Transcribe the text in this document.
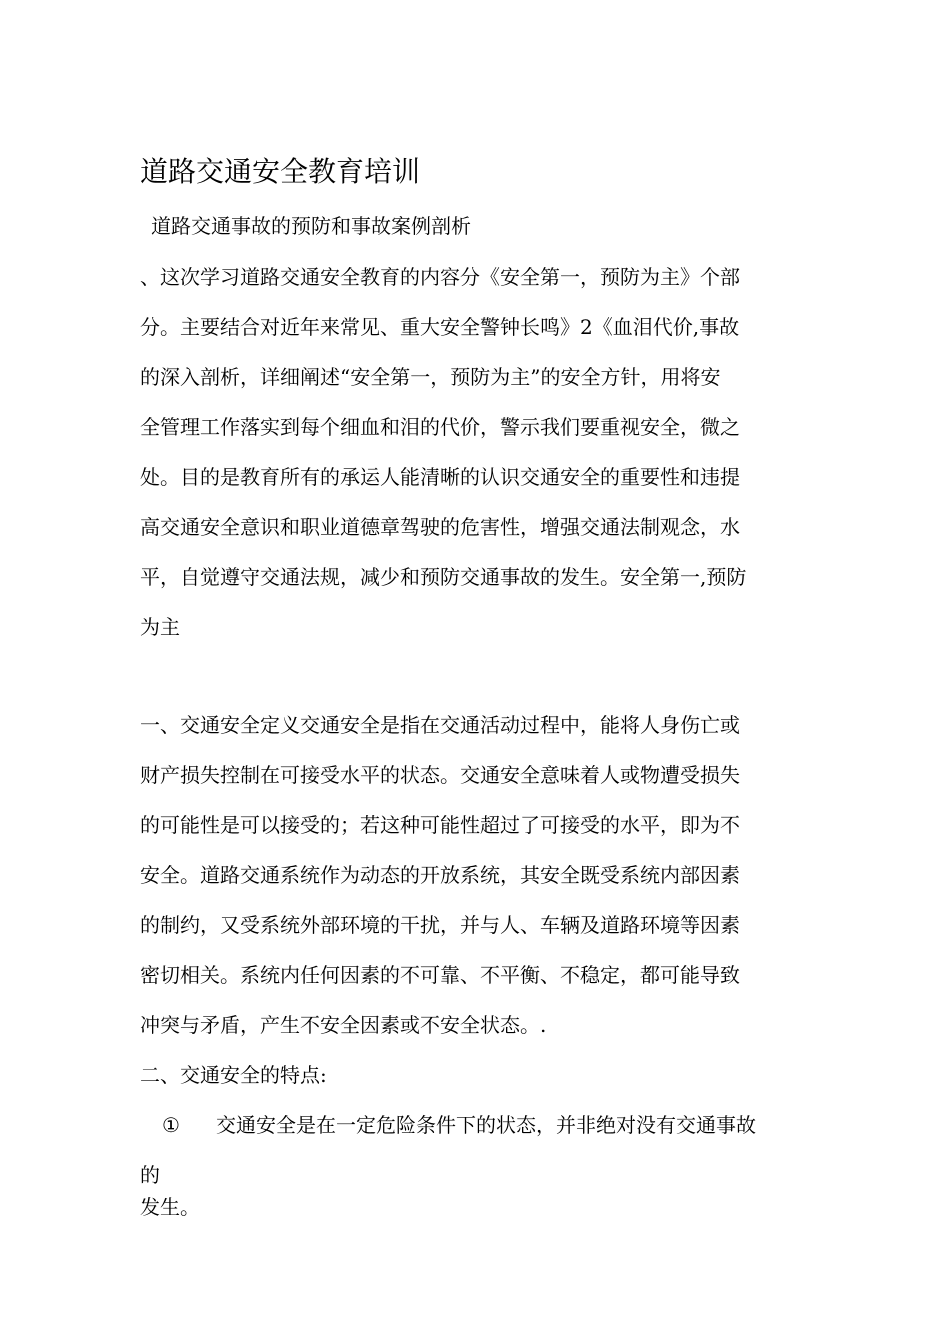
道路交通安全教育培训
道路交通事故的预防和事故案例剖析
、这次学习道路交通安全教育的内容分《安全第一，预防为主》个部
分。主要结合对近年来常见、重大安全警钟长鸣》2《血泪代价,事故
的深入剖析，详细阐述“安全第一，预防为主”的安全方针，用将安
全管理工作落实到每个细血和泪的代价，警示我们要重视安全，微之
处。目的是教育所有的承运人能清晰的认识交通安全的重要性和违提
高交通安全意识和职业道德章驾驶的危害性，增强交通法制观念，水
平，自觉遵守交通法规，减少和预防交通事故的发生。安全第一,预防
为主
一、交通安全定义交通安全是指在交通活动过程中，能将人身伤亡或
财产损失控制在可接受水平的状态。交通安全意味着人或物遭受损失
的可能性是可以接受的；若这种可能性超过了可接受的水平，即为不
安全。道路交通系统作为动态的开放系统，其安全既受系统内部因素
的制约，又受系统外部环境的干扰，并与人、车辆及道路环境等因素
密切相关。系统内任何因素的不可靠、不平衡、不稳定，都可能导致
冲突与矛盾，产生不安全因素或不安全状态。.
二、交通安全的特点:
① 交通安全是在一定危险条件下的状态，并非绝对没有交通事故
的
发生。
